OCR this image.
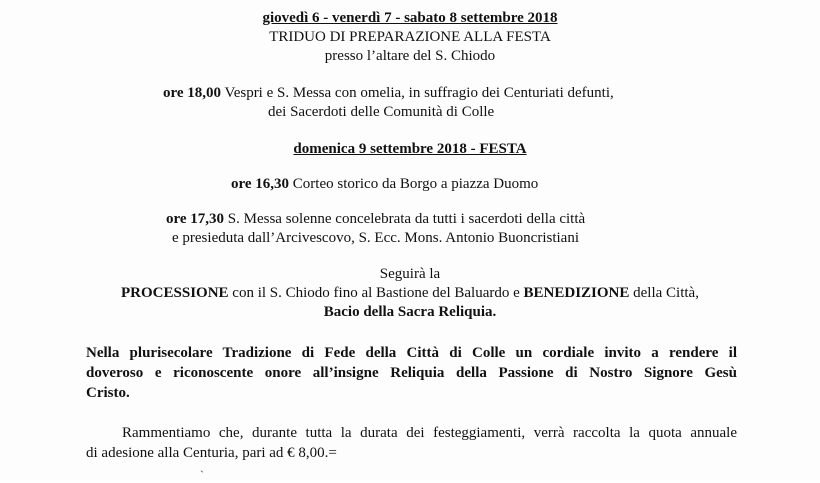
giovedì 6 - venerdì 7 - sabato 8 settembre 2018
TRIDUO DI PREPARAZIONE ALLA FESTA
presso l’altare del S. Chiodo
ore 18,00 Vespri e S. Messa con omelia, in suffragio dei Centuriati defunti,
dei Sacerdoti delle Comunità di Colle
domenica 9 settembre 2018 - FESTA
ore 16,30 Corteo storico da Borgo a piazza Duomo
ore 17,30 S. Messa solenne concelebrata da tutti i sacerdoti della città
e presieduta dall’Arcivescovo, S. Ecc. Mons. Antonio Buoncristiani
Seguirà la
PROCESSIONE con il S. Chiodo fino al Bastione del Baluardo e BENEDIZIONE della Città,
Bacio della Sacra Reliquia.
Nella plurisecolare Tradizione di Fede della Città di Colle un cordiale invito a rendere il
doveroso e riconoscente onore all’insigne Reliquia della Passione di Nostro Signore Gesù
Cristo.
Rammentiamo che, durante tutta la durata dei festeggiamenti, verrà raccolta la quota annuale
di adesione alla Centuria, pari ad € 8,00.=
`
